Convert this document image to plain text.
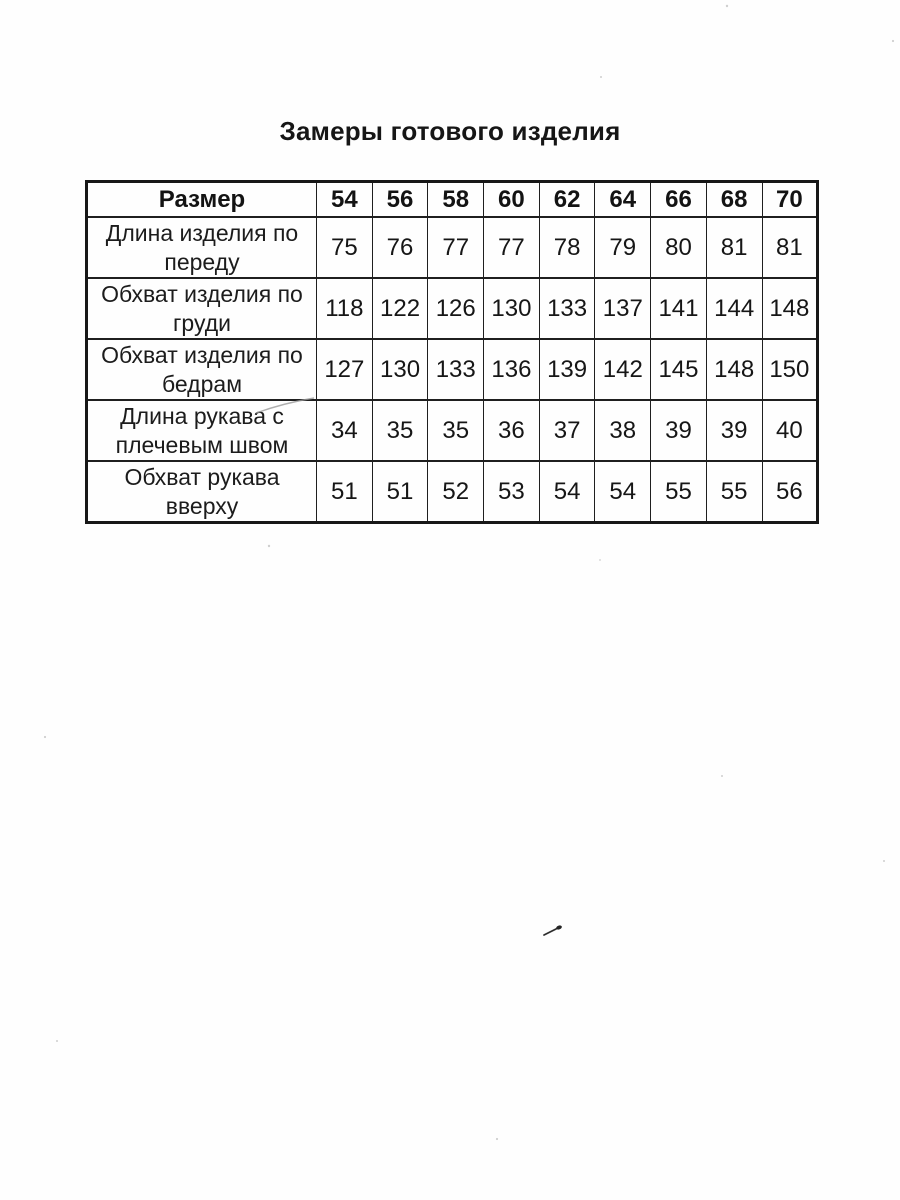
Замеры готового изделия
Размер	54	56	58	60	62	64	66	68	70

Длина изделия по
переду	75	76	77	77	78	79	80	81	81

Обхват изделия по
груди	118	122	126	130	133	137	141	144	148

Обхват изделия по
бедрам	127	130	133	136	139	142	145	148	150

Длина рукава с
плечевым швом	34	35	35	36	37	38	39	39	40

Обхват рукава
вверху	51	51	52	53	54	54	55	55	56
